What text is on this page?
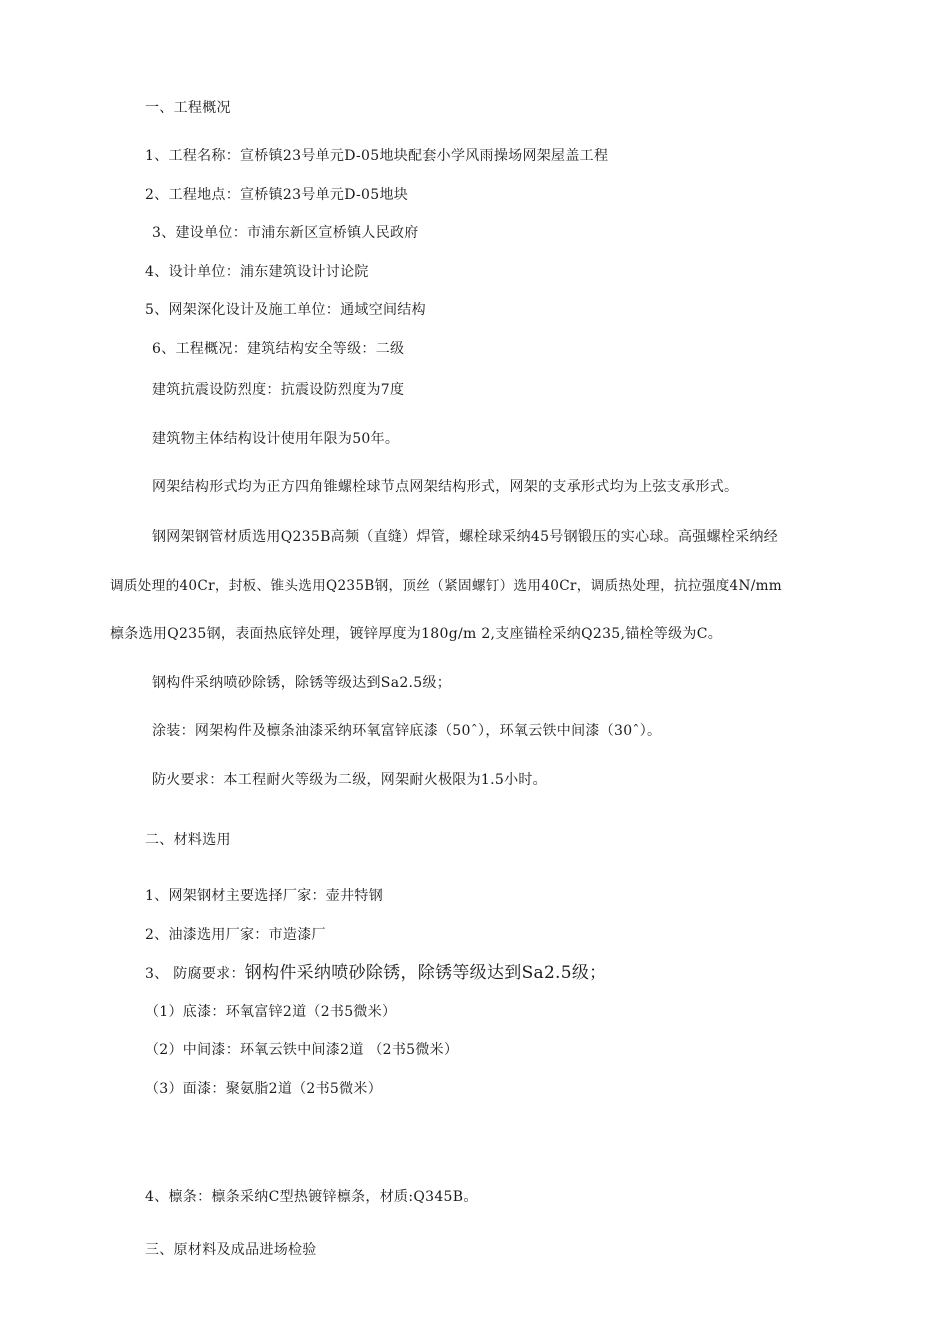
一、工程概况
1、工程名称：宣桥镇23号单元D-05地块配套小学风雨操场网架屋盖工程
2、工程地点：宣桥镇23号单元D-05地块
3、建设单位：市浦东新区宣桥镇人民政府
4、设计单位：浦东建筑设计讨论院
5、网架深化设计及施工单位：通域空间结构
6、工程概况：建筑结构安全等级：二级
建筑抗震设防烈度：抗震设防烈度为7度
建筑物主体结构设计使用年限为50年。
网架结构形式均为正方四角锥螺栓球节点网架结构形式，网架的支承形式均为上弦支承形式。
钢网架钢管材质选用Q235B高频（直缝）焊管，螺栓球采纳45号钢锻压的实心球。高强螺栓采纳经
调质处理的40Cr，封板、锥头选用Q235B钢，顶丝（紧固螺钉）选用40Cr，调质热处理，抗拉强度4N/mm
檩条选用Q235钢，表面热底锌处理，镀锌厚度为180g/m 2,支座锚栓采纳Q235,锚栓等级为C。
钢构件采纳喷砂除锈，除锈等级达到Sa2.5级；
涂装：网架构件及檩条油漆采纳环氧富锌底漆（50ˆ），环氧云铁中间漆（30ˆ）。
防火要求：本工程耐火等级为二级，网架耐火极限为1.5小时。
二、材料选用
1、网架钢材主要选择厂家：壶井特钢
2、油漆选用厂家：市造漆厂
3、 防腐要求：钢构件采纳喷砂除锈，除锈等级达到Sa2.5级；
（1）底漆：环氧富锌2道（2书5微米）
（2）中间漆：环氧云铁中间漆2道 （2书5微米）
（3）面漆：聚氨脂2道（2书5微米）
4、檩条：檩条采纳C型热镀锌檩条，材质:Q345B。
三、原材料及成品进场检验
